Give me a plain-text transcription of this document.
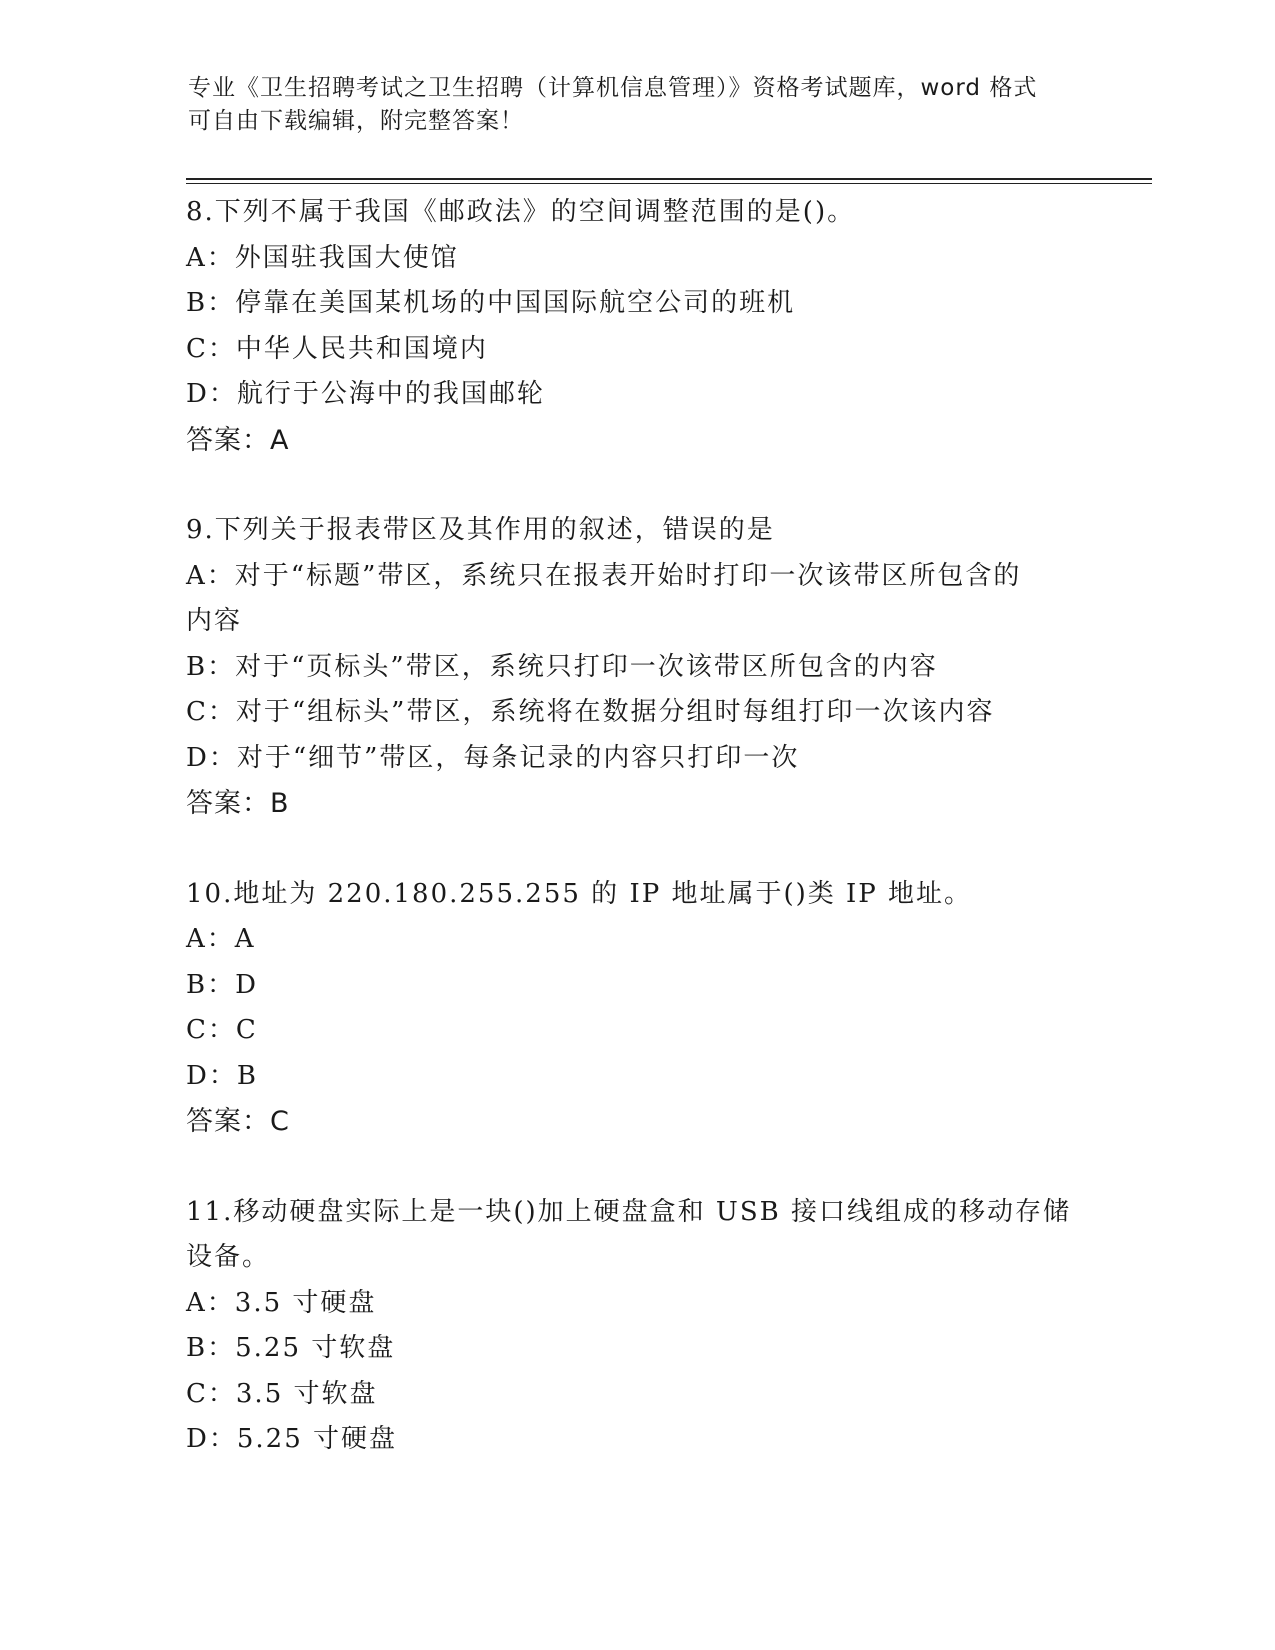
专业《卫生招聘考试之卫生招聘（计算机信息管理）》资格考试题库，word 格式
可自由下载编辑，附完整答案！
8.下列不属于我国《邮政法》的空间调整范围的是()。
A：外国驻我国大使馆
B：停靠在美国某机场的中国国际航空公司的班机
C：中华人民共和国境内
D：航行于公海中的我国邮轮
答案：A
9.下列关于报表带区及其作用的叙述，错误的是
A：对于“标题”带区，系统只在报表开始时打印一次该带区所包含的
内容
B：对于“页标头”带区，系统只打印一次该带区所包含的内容
C：对于“组标头”带区，系统将在数据分组时每组打印一次该内容
D：对于“细节”带区，每条记录的内容只打印一次
答案：B
10.地址为 220.180.255.255 的 IP 地址属于()类 IP 地址。
A：A
B：D
C：C
D：B
答案：C
11.移动硬盘实际上是一块()加上硬盘盒和 USB 接口线组成的移动存储
设备。
A：3.5 寸硬盘
B：5.25 寸软盘
C：3.5 寸软盘
D：5.25 寸硬盘
